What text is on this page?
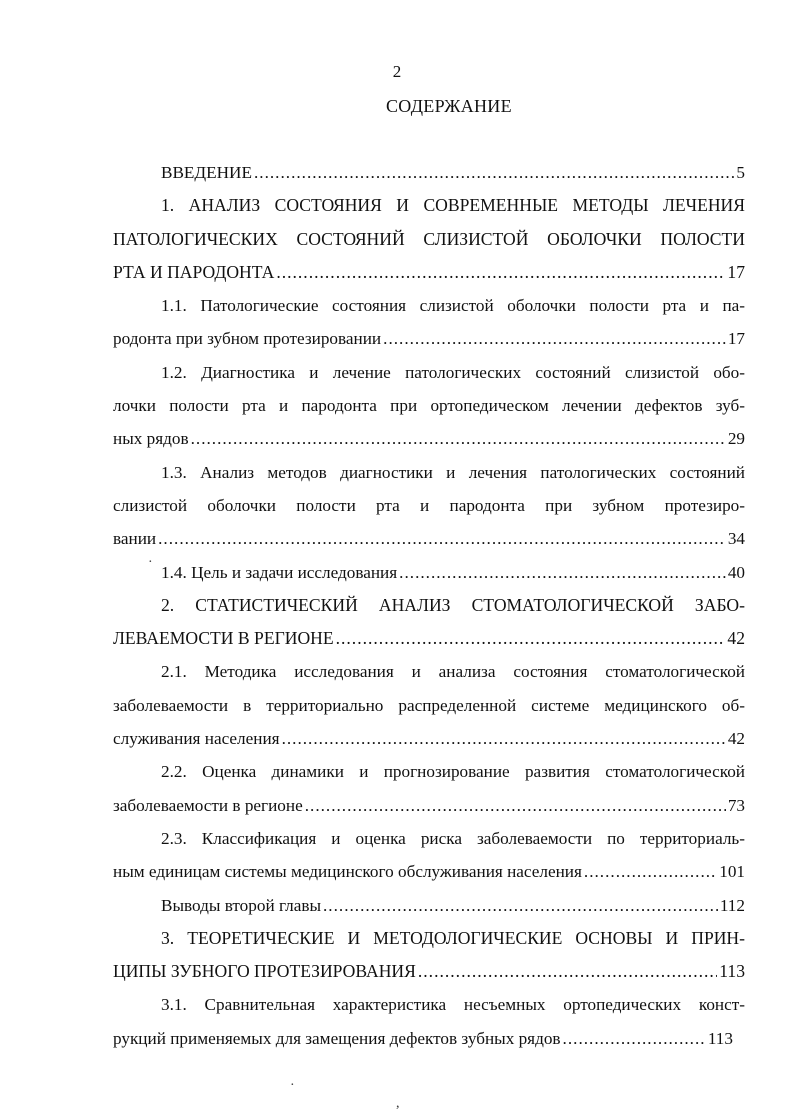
2
СОДЕРЖАНИЕ
ВВЕДЕНИЕ .....	5
1. АНАЛИЗ СОСТОЯНИЯ И СОВРЕМЕННЫЕ МЕТОДЫ ЛЕЧЕНИЯ
ПАТОЛОГИЧЕСКИХ СОСТОЯНИЙ СЛИЗИСТОЙ ОБОЛОЧКИ ПОЛОСТИ
РТА И ПАРОДОНТА .....	17
1.1. Патологические состояния слизистой оболочки полости рта и па-
родонта при зубном протезировании .....	17
1.2. Диагностика и лечение патологических состояний слизистой обо-
лочки полости рта и пародонта при ортопедическом лечении дефектов зуб-
ных рядов .....	29
1.3. Анализ методов диагностики и лечения патологических состояний
слизистой оболочки полости рта и пародонта при зубном протезиро-
вании .....	34
1.4. Цель и задачи исследования .....	40
2. СТАТИСТИЧЕСКИЙ АНАЛИЗ СТОМАТОЛОГИЧЕСКОЙ ЗАБО-
ЛЕВАЕМОСТИ В РЕГИОНЕ .....	42
2.1. Методика исследования и анализа состояния стоматологической
заболеваемости в территориально распределенной системе медицинского об-
служивания населения .....	42
2.2. Оценка динамики и прогнозирование развития стоматологической
заболеваемости в регионе .....	73
2.3. Классификация и оценка риска заболеваемости по территориаль-
ным единицам системы медицинского обслуживания населения .....	101
Выводы второй главы .....	112
3. ТЕОРЕТИЧЕСКИЕ И МЕТОДОЛОГИЧЕСКИЕ ОСНОВЫ И ПРИН-
ЦИПЫ ЗУБНОГО ПРОТЕЗИРОВАНИЯ .....	113
3.1. Сравнительная характеристика несъемных ортопедических конст-
рукций применяемых для замещения дефектов зубных рядов .....	113
·
·
,
